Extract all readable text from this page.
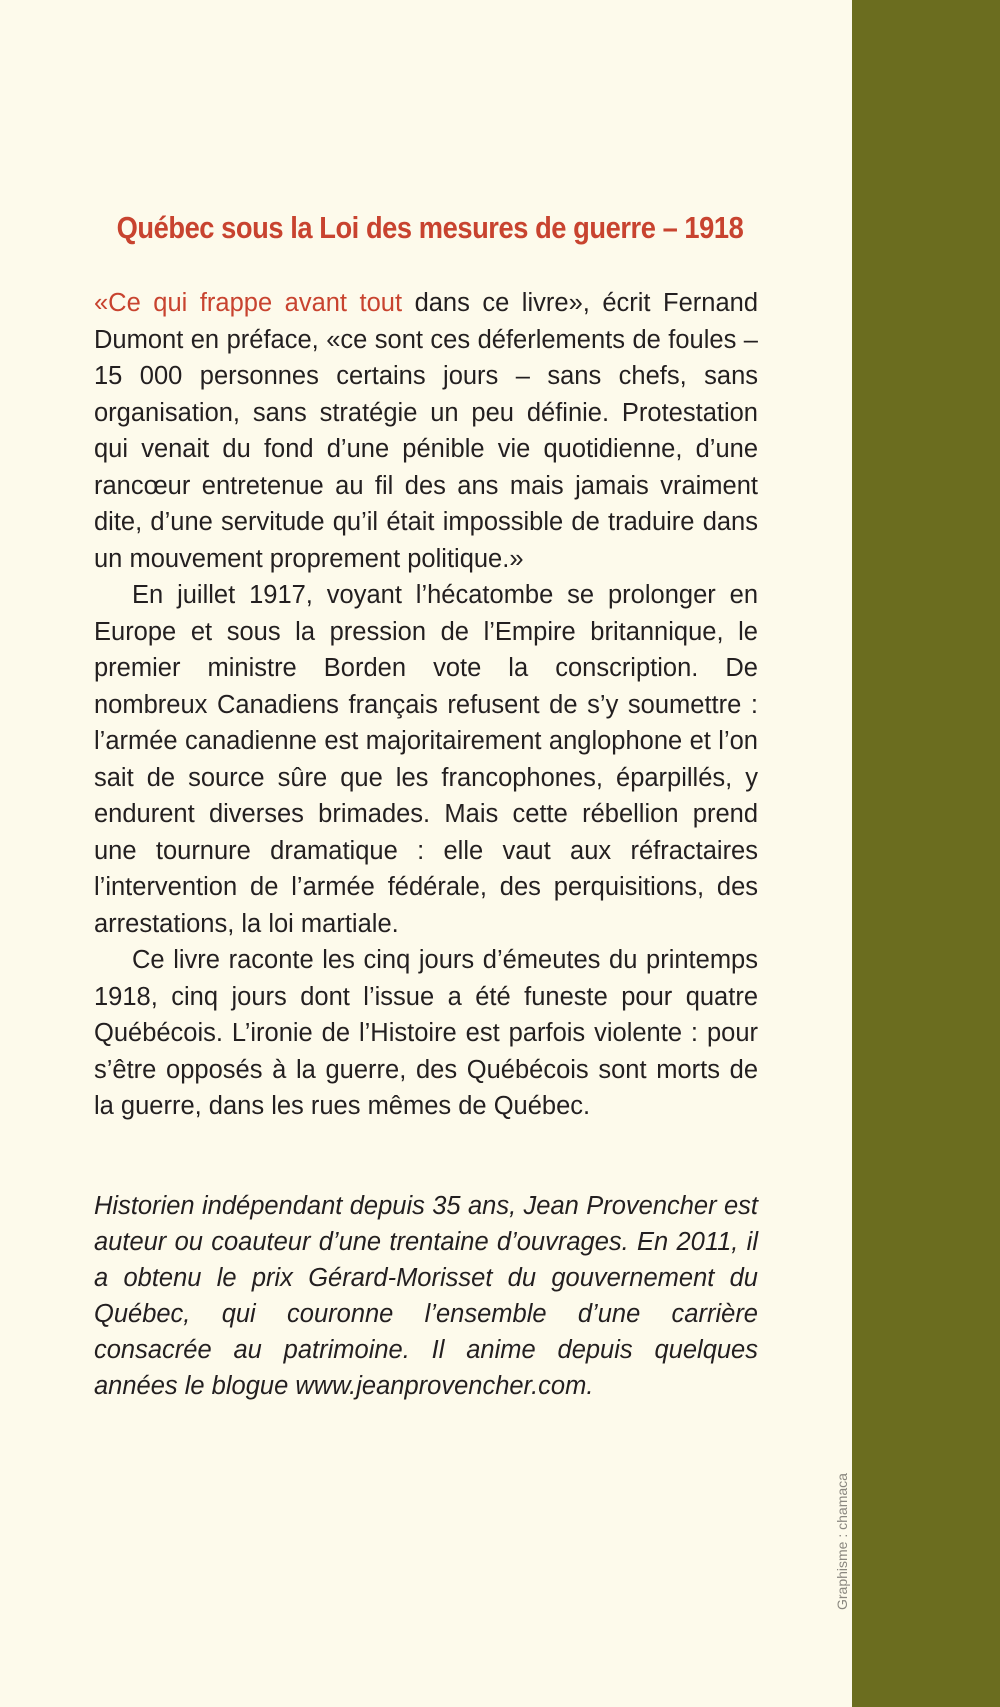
Québec sous la Loi des mesures de guerre – 1918

«Ce qui frappe avant tout dans ce livre», écrit Fernand Dumont en préface, «ce sont ces déferlements de foules – 15 000 personnes certains jours – sans chefs, sans organisation, sans stratégie un peu définie. Protestation qui venait du fond d’une pénible vie quotidienne, d’une rancœur entretenue au fil des ans mais jamais vraiment dite, d’une servitude qu’il était impossible de traduire dans un mouvement proprement politique.»

En juillet 1917, voyant l’hécatombe se prolonger en Europe et sous la pression de l’Empire britannique, le premier ministre Borden vote la conscription. De nombreux Canadiens français refusent de s’y soumettre : l’armée canadienne est majoritairement anglophone et l’on sait de source sûre que les francophones, éparpillés, y endurent diverses brimades. Mais cette rébellion prend une tournure dramatique : elle vaut aux réfractaires l’intervention de l’armée fédérale, des perquisitions, des arrestations, la loi martiale.

Ce livre raconte les cinq jours d’émeutes du printemps 1918, cinq jours dont l’issue a été funeste pour quatre Québécois. L’ironie de l’Histoire est parfois violente : pour s’être opposés à la guerre, des Québécois sont morts de la guerre, dans les rues mêmes de Québec.

Historien indépendant depuis 35 ans, Jean Provencher est auteur ou coauteur d’une trentaine d’ouvrages. En 2011, il a obtenu le prix Gérard-Morisset du gouvernement du Québec, qui couronne l’ensemble d’une carrière consacrée au patrimoine. Il anime depuis quelques années le blogue www.jeanprovencher.com.

Graphisme : chamaca
